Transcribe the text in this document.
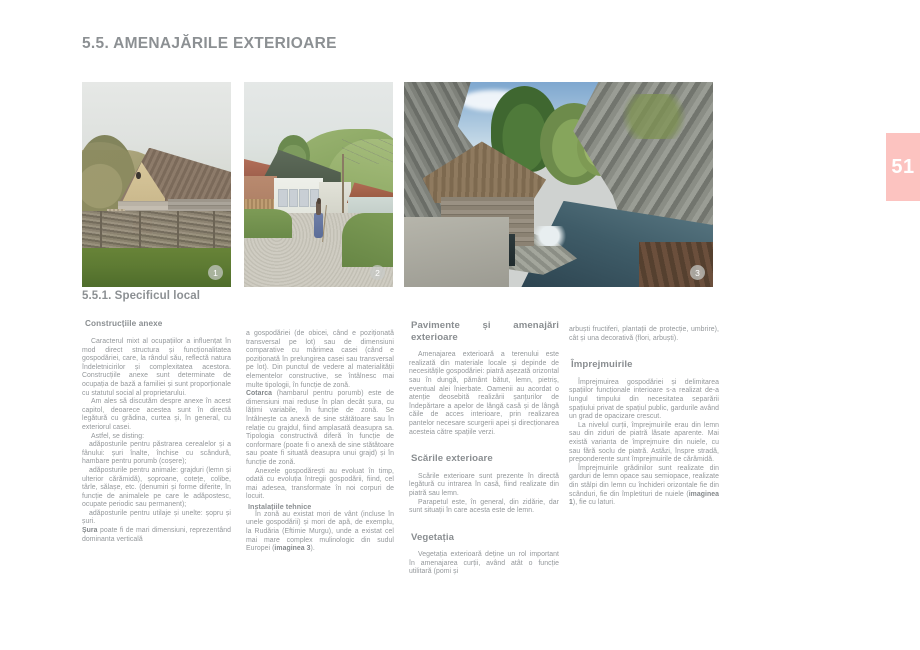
5.5. AMENAJĂRILE EXTERIOARE
51
1	2	3
5.5.1. Specificul local
Construcțiile anexe

Caracterul mixt al ocupațiilor a influențat în mod direct structura și funcționalitatea gospodăriei, care, la rândul său, reflectă natura îndeletnicirilor și complexitatea acestora. Construcțiile anexe sunt determinate de ocupația de bază a familiei și sunt proporționale cu statutul social al proprietarului.

Am ales să discutăm despre anexe în acest capitol, deoarece acestea sunt în directă legătură cu grădina, curtea și, în general, cu exteriorul casei.

Astfel, se disting:

▪ adăposturile pentru păstrarea cerealelor și a fânului: șuri înalte, închise cu scândură, hambare pentru porumb (coșere);

▪ adăposturile pentru animale: grajduri (lemn și ulterior cărămidă), șoproane, cotețe, colibe, târle, sălașe, etc. (denumiri și forme diferite, în funcție de animalele pe care le adăpostesc, ocupate periodic sau permanent);

▪ adăposturile pentru utilaje și unelte: șopru și șuri.

Șura poate fi de mari dimensiuni, reprezentând dominanta verticală

a gospodăriei (de obicei, când e poziționată transversal pe lot) sau de dimensiuni comparative cu mărimea casei (când e poziționată în prelungirea casei sau transversal pe lot). Din punctul de vedere al materialității elementelor constructive, se întâlnesc mai multe tipologii, în funcție de zonă.

Cotarca (hambarul pentru porumb) este de dimensiuni mai reduse în plan decât șura, cu lățimi variabile, în funcție de zonă. Se întâlnește ca anexă de sine stătătoare sau în relație cu grajdul, fiind amplasată deasupra sa. Tipologia constructivă diferă în funcție de conformare (poate fi o anexă de sine stătătoare sau poate fi situată deasupra unui grajd) și în funcție de zonă.

Anexele gospodărești au evoluat în timp, odată cu evoluția întregii gospodării, fiind, cel mai adesea, transformate în noi corpuri de locuit.

Instalațiile tehnice

În zonă au existat mori de vânt (incluse în unele gospodării) și mori de apă, de exemplu, la Rudăria (Eftimie Murgu), unde a existat cel mai mare complex mulinologic din sudul Europei (imaginea 3).

Pavimente și amenajări exterioare

Amenajarea exterioară a terenului este realizată din materiale locale și depinde de necesitățile gospodăriei: piatră așezată orizontal sau în dungă, pământ bătut, lemn, pietriș, eventual alei înierbate. Oamenii au acordat o atenție deosebită realizării șanțurilor de îndepărtare a apelor de lângă casă și de lângă căile de acces interioare, prin realizarea pantelor necesare scurgerii apei și direcționarea acesteia către spațiile verzi.

Scările exterioare

Scările exterioare sunt prezente în directă legătură cu intrarea în casă, fiind realizate din piatră sau lemn.

Parapetul este, în general, din zidărie, dar sunt situații în care acesta este de lemn.

Vegetația

Vegetația exterioară deține un rol important în amenajarea curții, având atât o funcție utilitară (pomi și

arbuști fructiferi, plantații de protecție, umbrire), cât și una decorativă (flori, arbuști).

Împrejmuirile

Împrejmuirea gospodăriei și delimitarea spațiilor funcționale interioare s-a realizat de-a lungul timpului din necesitatea separării spațiului privat de spațiul public, gardurile având un grad de opacizare crescut.

La nivelul curții, împrejmuirile erau din lemn sau din ziduri de piatră lăsate aparente. Mai există varianta de împrejmuire din nuiele, cu sau fără soclu de piatră. Astăzi, înspre stradă, preponderente sunt împrejmuirile de cărămidă.

Împrejmuirile grădinilor sunt realizate din garduri de lemn opace sau semiopace, realizate din stâlpi din lemn cu închideri orizontale fie din scânduri, fie din împletituri de nuiele (imaginea 1), fie cu laturi.
